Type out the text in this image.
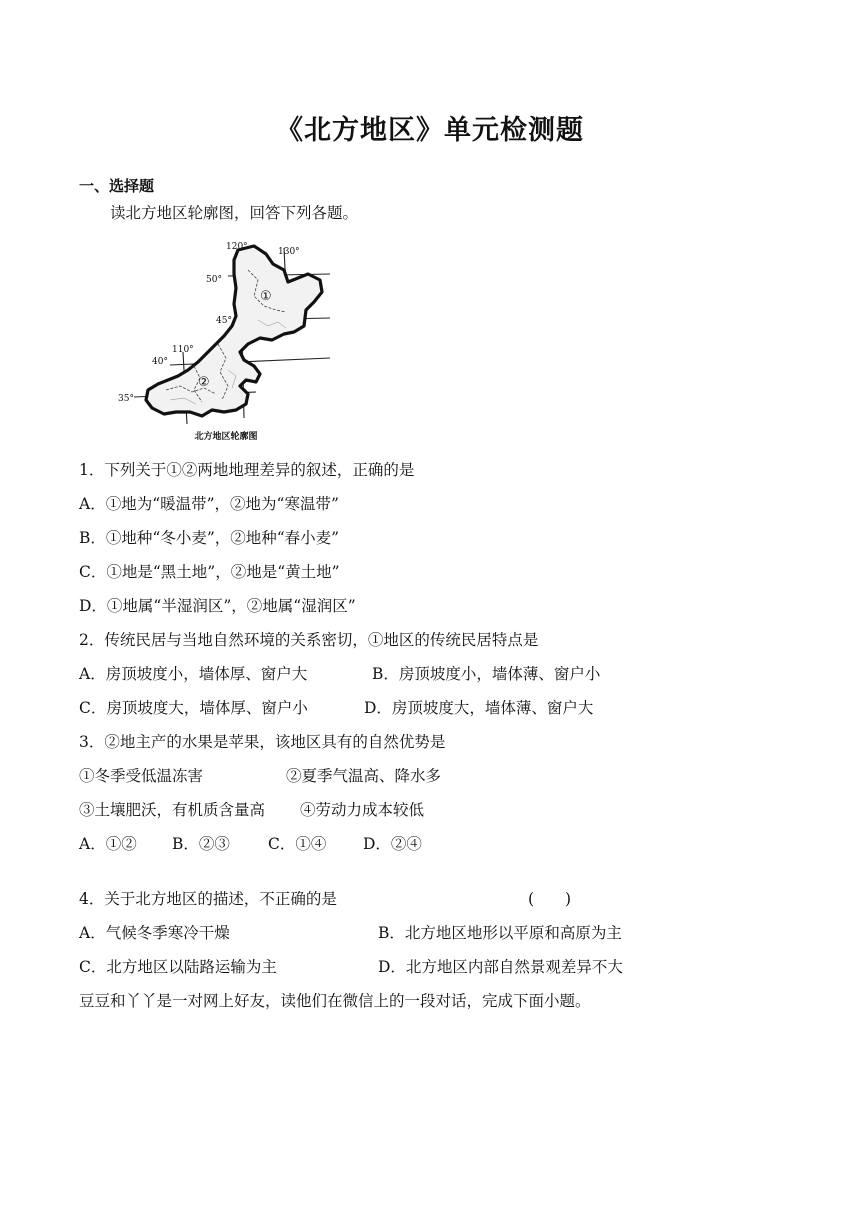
《北方地区》单元检测题
一、选择题
读北方地区轮廓图，回答下列各题。
120°	130°
110°
50°
45°
40°
35°
①
②
北方地区轮廓图
1．下列关于①②两地地理差异的叙述，正确的是
A．①地为“暖温带”，②地为“寒温带”
B．①地种“冬小麦”，②地种“春小麦”
C．①地是“黑土地”，②地是“黄土地”
D．①地属“半湿润区”，②地属“湿润区”
2．传统民居与当地自然环境的关系密切，①地区的传统民居特点是
A．房顶坡度小，墙体厚、窗户大	B．房顶坡度小，墙体薄、窗户小
C．房顶坡度大，墙体厚、窗户小	D．房顶坡度大，墙体薄、窗户大
3．②地主产的水果是苹果，该地区具有的自然优势是
①冬季受低温冻害	②夏季气温高、降水多
③土壤肥沃，有机质含量高 ④劳动力成本较低
A．①② B．②③ C．①④ D．②④
4．关于北方地区的描述，不正确的是	(　　)
A．气候冬季寒冷干燥	B．北方地区地形以平原和高原为主
C．北方地区以陆路运输为主	D．北方地区内部自然景观差异不大
豆豆和丫丫是一对网上好友，读他们在微信上的一段对话，完成下面小题。
